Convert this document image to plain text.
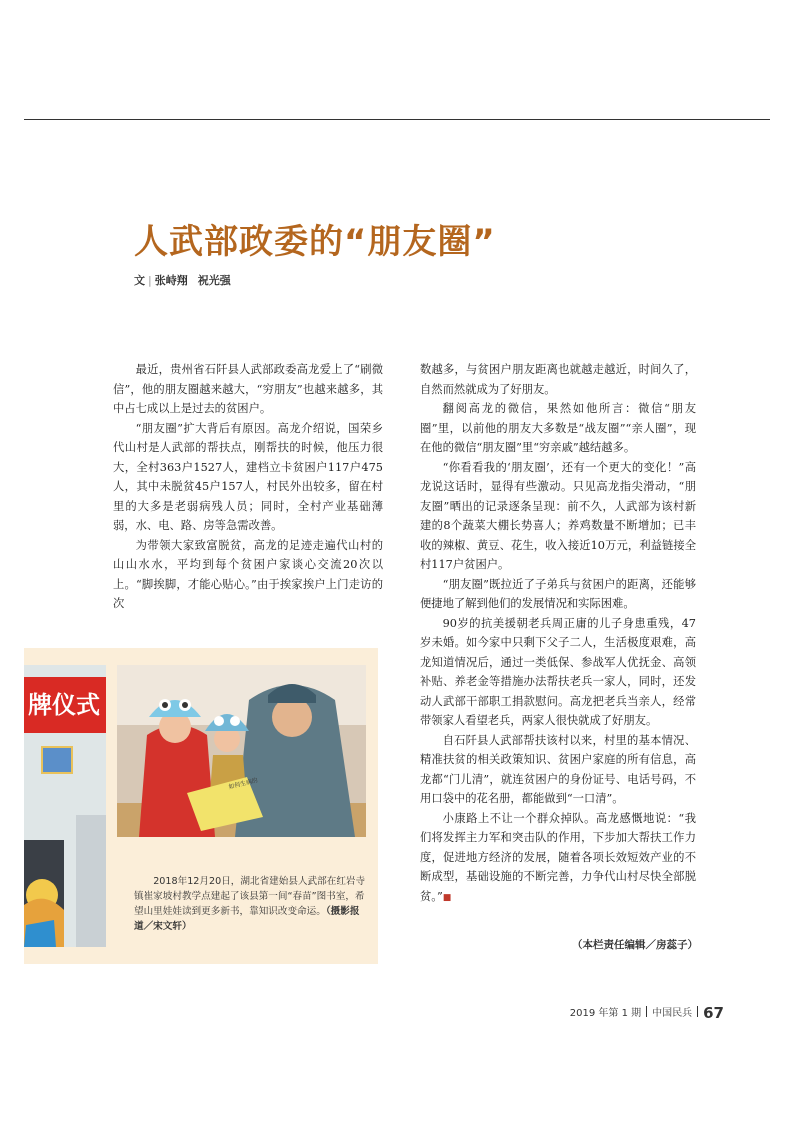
人武部政委的“朋友圈”
文 | 张峙翔 祝光强

最近，贵州省石阡县人武部政委高龙爱上了“刷微信”，他的朋友圈越来越大，“穷朋友”也越来越多，其中占七成以上是过去的贫困户。

“朋友圈”扩大背后有原因。高龙介绍说，国荣乡代山村是人武部的帮扶点，刚帮扶的时候，他压力很大，全村363户1527人，建档立卡贫困户117户475人，其中未脱贫45户157人，村民外出较多，留在村里的大多是老弱病残人员；同时，全村产业基础薄弱，水、电、路、房等急需改善。

为带领大家致富脱贫，高龙的足迹走遍代山村的山山水水，平均到每个贫困户家谈心交流20次以上。“脚挨脚，才能心贴心。”由于挨家挨户上门走访的次

数越多，与贫困户朋友距离也就越走越近，时间久了，自然而然就成为了好朋友。

翻阅高龙的微信，果然如他所言：微信“朋友圈”里，以前他的朋友大多数是“战友圈”“亲人圈”，现在他的微信“朋友圈”里“穷亲戚”越结越多。

“你看看我的‘朋友圈’，还有一个更大的变化！”高龙说这话时，显得有些激动。只见高龙指尖滑动，“朋友圈”晒出的记录逐条呈现：前不久，人武部为该村新建的8个蔬菜大棚长势喜人；养鸡数量不断增加；已丰收的辣椒、黄豆、花生，收入接近10万元，利益链接全村117户贫困户。

“朋友圈”既拉近了子弟兵与贫困户的距离，还能够便捷地了解到他们的发展情况和实际困难。

90岁的抗美援朝老兵周正庸的儿子身患重残，47岁未婚。如今家中只剩下父子二人，生活极度艰难，高龙知道情况后，通过一类低保、参战军人优抚金、高领补贴、养老金等措施办法帮扶老兵一家人，同时，还发动人武部干部职工捐款慰问。高龙把老兵当亲人，经常带领家人看望老兵，两家人很快就成了好朋友。

自石阡县人武部帮扶该村以来，村里的基本情况、精准扶贫的相关政策知识、贫困户家庭的所有信息，高龙都“门儿清”，就连贫困户的身份证号、电话号码，不用口袋中的花名册，都能做到“一口清”。

小康路上不让一个群众掉队。高龙感慨地说：“我们将发挥主力军和突击队的作用，下步加大帮扶工作力度，促进地方经济的发展，随着各项长效短效产业的不断成型，基础设施的不断完善，力争代山村尽快全部脱贫。”■

牌仪式
如何生病的
2018年12月20日，湖北省建始县人武部在红岩寺镇崔家坡村教学点建起了该县第一间“春苗”图书室，希望山里娃娃读到更多新书，靠知识改变命运。（摄影报道／宋文轩）
（本栏责任编辑／房蕊子）
2019 年第 1 期 中国民兵 67
